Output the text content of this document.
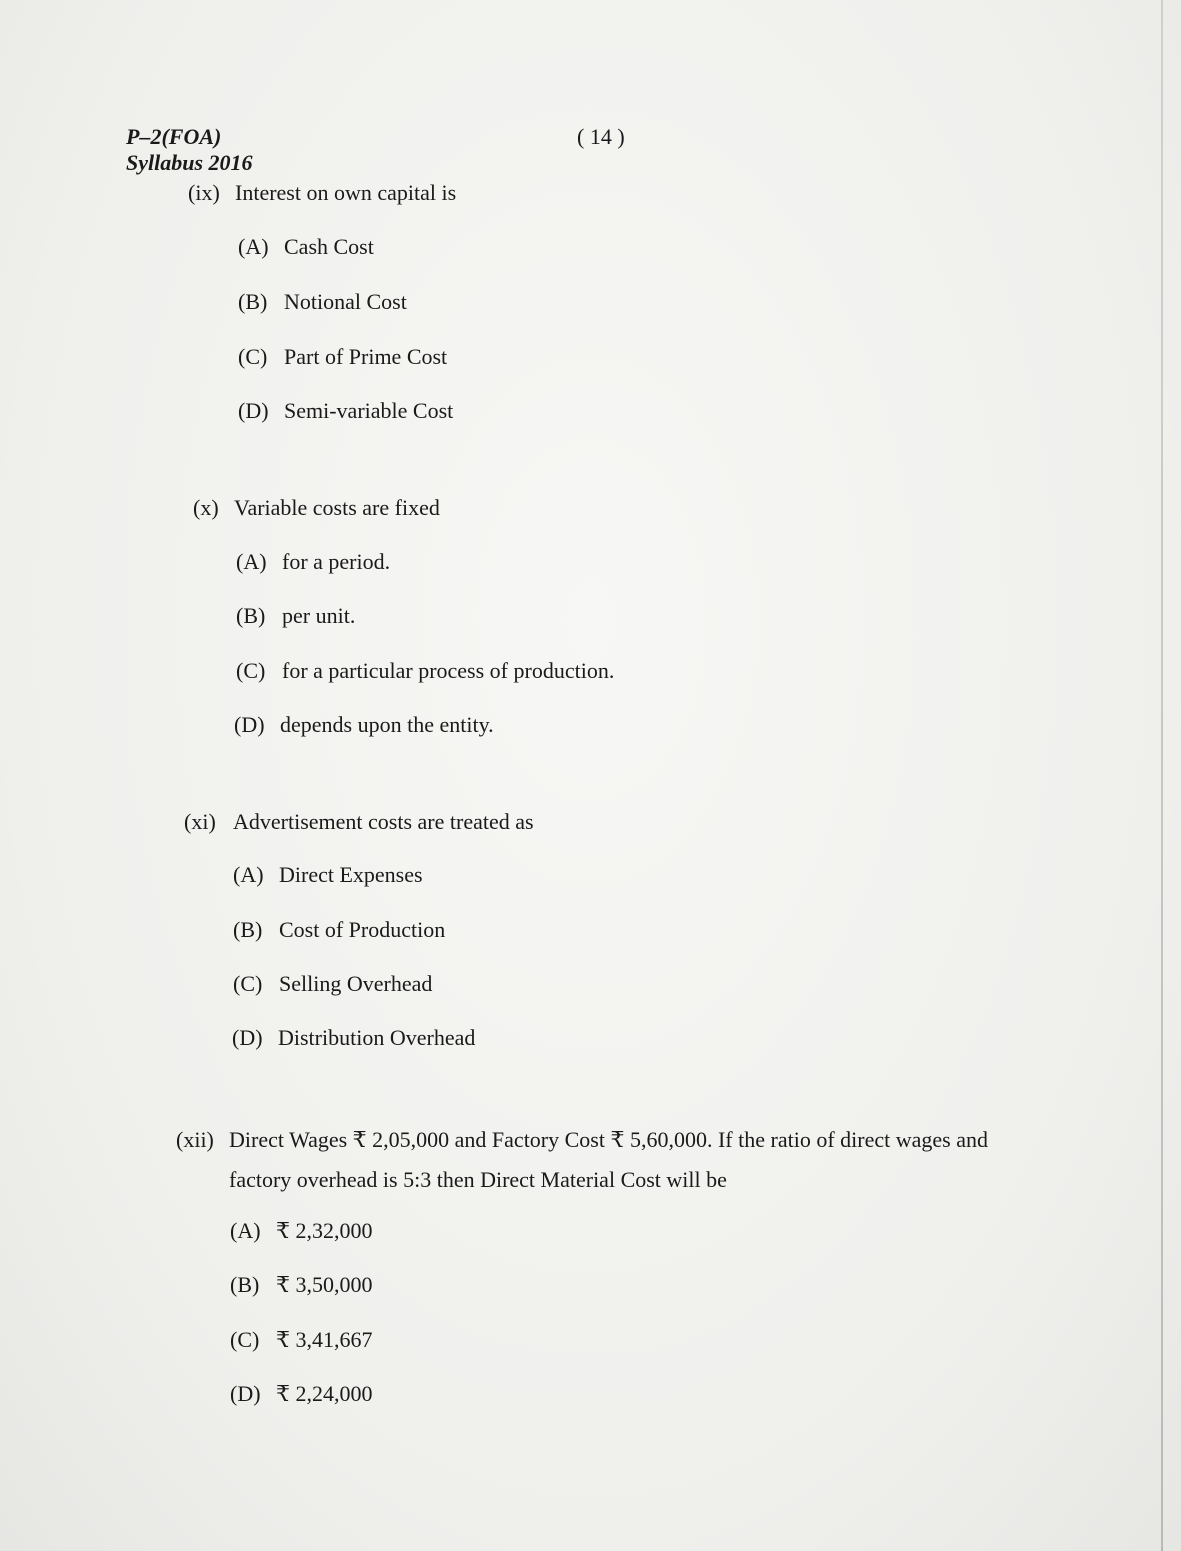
P–2(FOA)
Syllabus 2016
( 14 )
(ix) Interest on own capital is
(A) Cash Cost
(B) Notional Cost
(C) Part of Prime Cost
(D) Semi-variable Cost
(x) Variable costs are fixed
(A) for a period.
(B) per unit.
(C) for a particular process of production.
(D) depends upon the entity.
(xi) Advertisement costs are treated as
(A) Direct Expenses
(B) Cost of Production
(C) Selling Overhead
(D) Distribution Overhead
(xii) Direct Wages ₹ 2,05,000 and Factory Cost ₹ 5,60,000. If the ratio of direct wages and
factory overhead is 5:3 then Direct Material Cost will be
(A) ₹ 2,32,000
(B) ₹ 3,50,000
(C) ₹ 3,41,667
(D) ₹ 2,24,000
